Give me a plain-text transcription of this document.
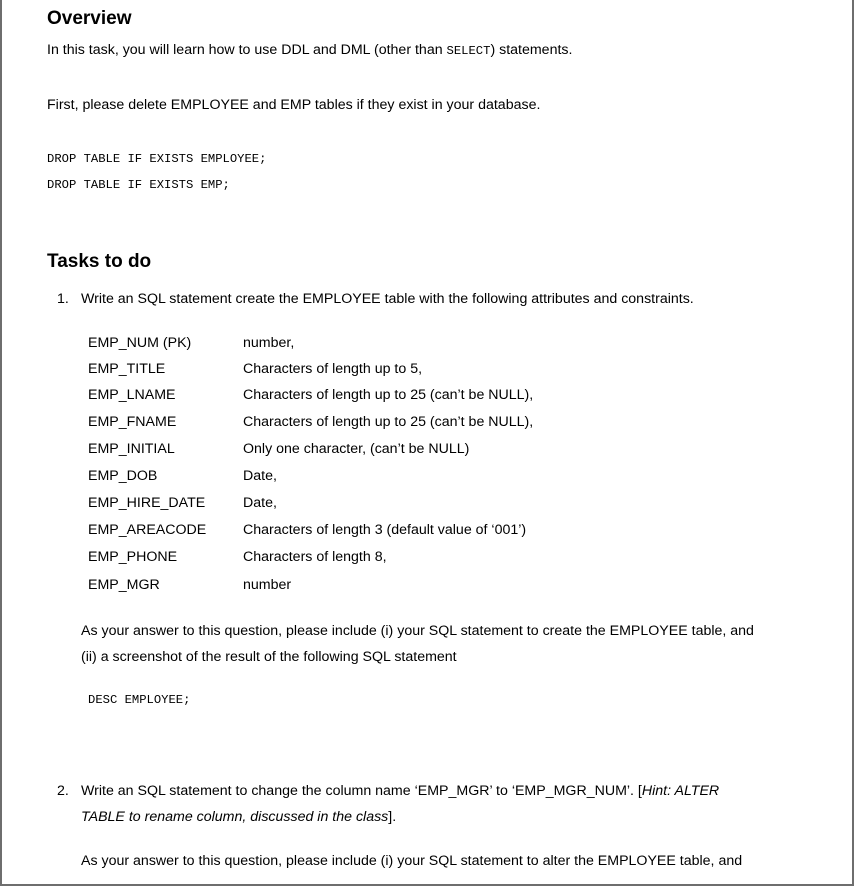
Overview
In this task, you will learn how to use DDL and DML (other than SELECT) statements.
First, please delete EMPLOYEE and EMP tables if they exist in your database.
DROP TABLE IF EXISTS EMPLOYEE;
DROP TABLE IF EXISTS EMP;
Tasks to do
1. Write an SQL statement create the EMPLOYEE table with the following attributes and constraints.
EMP_NUM (PK)	number,
EMP_TITLE	Characters of length up to 5,
EMP_LNAME	Characters of length up to 25 (can’t be NULL),
EMP_FNAME	Characters of length up to 25 (can’t be NULL),
EMP_INITIAL	Only one character, (can’t be NULL)
EMP_DOB	Date,
EMP_HIRE_DATE	Date,
EMP_AREACODE	Characters of length 3 (default value of ‘001’)
EMP_PHONE	Characters of length 8,
EMP_MGR	number
As your answer to this question, please include (i) your SQL statement to create the EMPLOYEE table, and
(ii) a screenshot of the result of the following SQL statement
DESC EMPLOYEE;
2. Write an SQL statement to change the column name ‘EMP_MGR’ to ‘EMP_MGR_NUM’. [Hint: ALTER
TABLE to rename column, discussed in the class].
As your answer to this question, please include (i) your SQL statement to alter the EMPLOYEE table, and
